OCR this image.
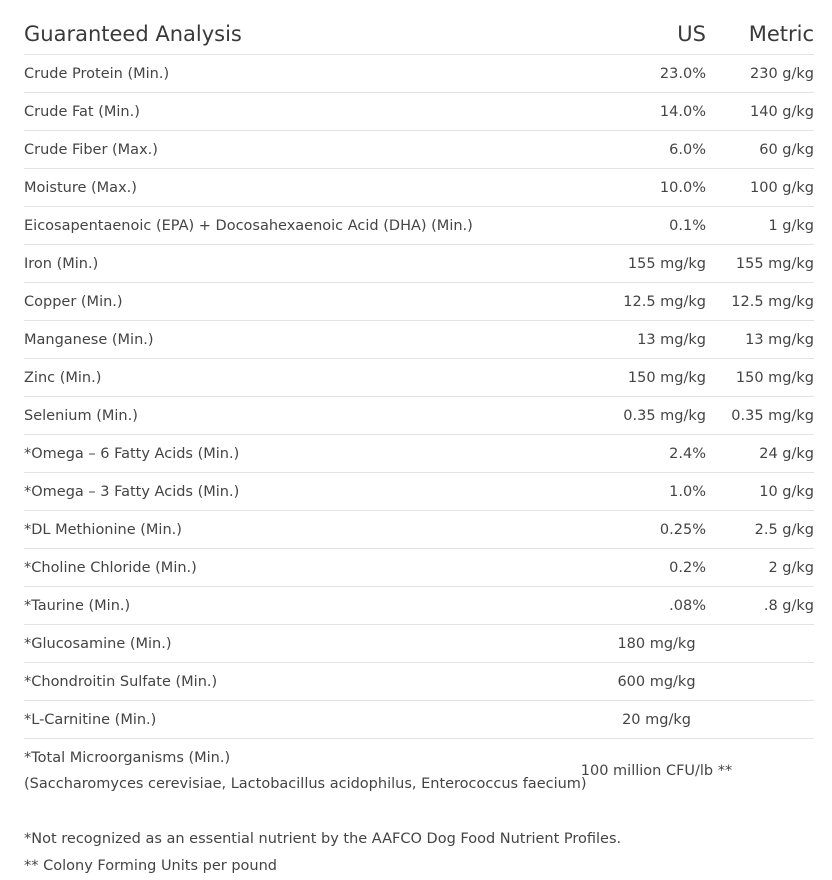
Guaranteed Analysis	US	Metric
Crude Protein (Min.)	23.0%	230 g/kg
Crude Fat (Min.)	14.0%	140 g/kg
Crude Fiber (Max.)	6.0%	60 g/kg
Moisture (Max.)	10.0%	100 g/kg
Eicosapentaenoic (EPA) + Docosahexaenoic Acid (DHA) (Min.)	0.1%	1 g/kg
Iron (Min.)	155 mg/kg	155 mg/kg
Copper (Min.)	12.5 mg/kg	12.5 mg/kg
Manganese (Min.)	13 mg/kg	13 mg/kg
Zinc (Min.)	150 mg/kg	150 mg/kg
Selenium (Min.)	0.35 mg/kg	0.35 mg/kg
*Omega – 6 Fatty Acids (Min.)	2.4%	24 g/kg
*Omega – 3 Fatty Acids (Min.)	1.0%	10 g/kg
*DL Methionine (Min.)	0.25%	2.5 g/kg
*Choline Chloride (Min.)	0.2%	2 g/kg
*Taurine (Min.)	.08%	.8 g/kg
*Glucosamine (Min.)	180 mg/kg	
*Chondroitin Sulfate (Min.)	600 mg/kg	
*L-Carnitine (Min.)	20 mg/kg	
*Total Microorganisms (Min.)
(Saccharomyces cerevisiae, Lactobacillus acidophilus, Enterococcus faecium)	100 million CFU/lb **	
*Not recognized as an essential nutrient by the AAFCO Dog Food Nutrient Profiles.
** Colony Forming Units per pound
